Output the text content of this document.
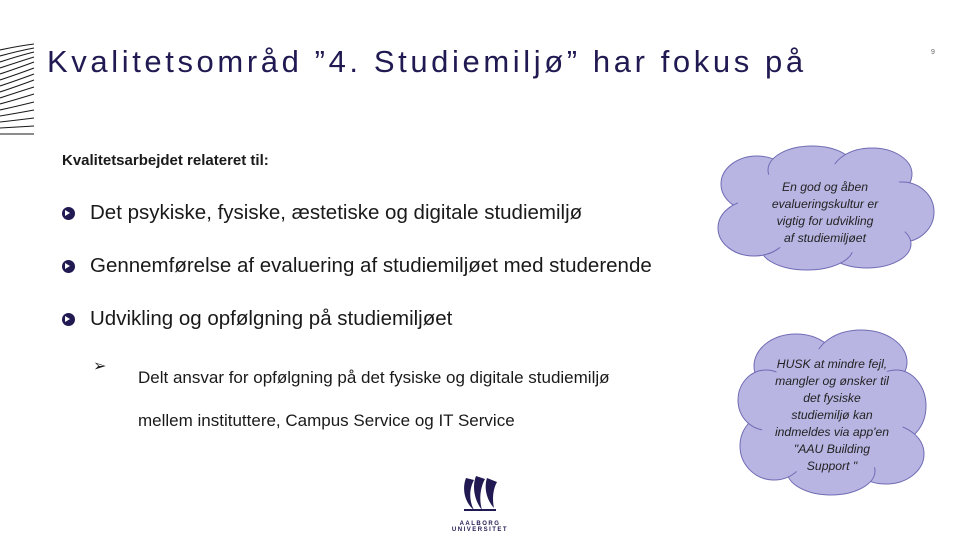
Kvalitetsområd ”4. Studiemiljø” har fokus på	9
Kvalitetsarbejdet relateret til:
Det psykiske, fysiske, æstetiske og digitale studiemiljø
Gennemførelse af evaluering af studiemiljøet med studerende
Udvikling og opfølgning på studiemiljøet
➢

Delt ansvar for opfølgning på det fysiske og digitale studiemiljø
mellem instituttere, Campus Service og IT Service

En god og åben
evalueringskultur er
vigtig for udvikling
af studiemiljøet
HUSK at mindre fejl,
mangler og ønsker til
det fysiske
studiemiljø kan
indmeldes via app'en
"AAU Building
Support "
AALBORG UNIVERSITET
